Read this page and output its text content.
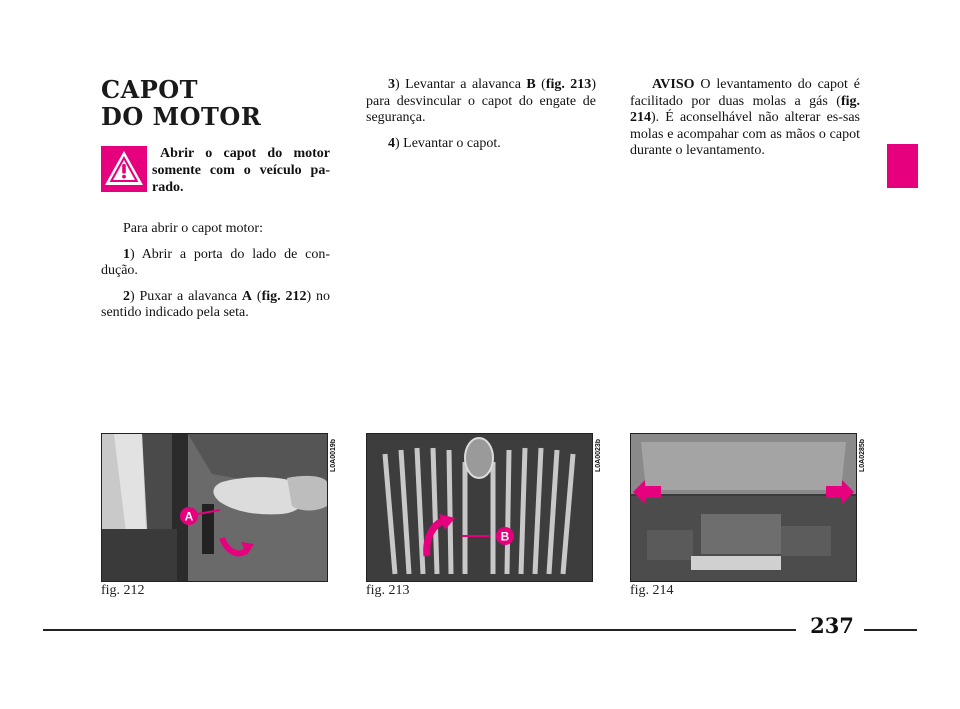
CAPOT
DO MOTOR

Abrir o capot do motor somente com o veículo pa-rado.

Para abrir o capot motor:

1) Abrir a porta do lado de con-dução.

2) Puxar a alavanca A (fig. 212) no sentido indicado pela seta.

3) Levantar a alavanca B (fig. 213) para desvincular o capot do engate de segurança.

4) Levantar o capot.

AVISO O levantamento do capot é facilitado por duas molas a gás (fig. 214). É aconselhável não alterar es-sas molas e acompahar com as mãos o capot durante o levantamento.

A
B
L0A0019b	L0A0023b	L0A0285b
fig. 212	fig. 213	fig. 214
237
